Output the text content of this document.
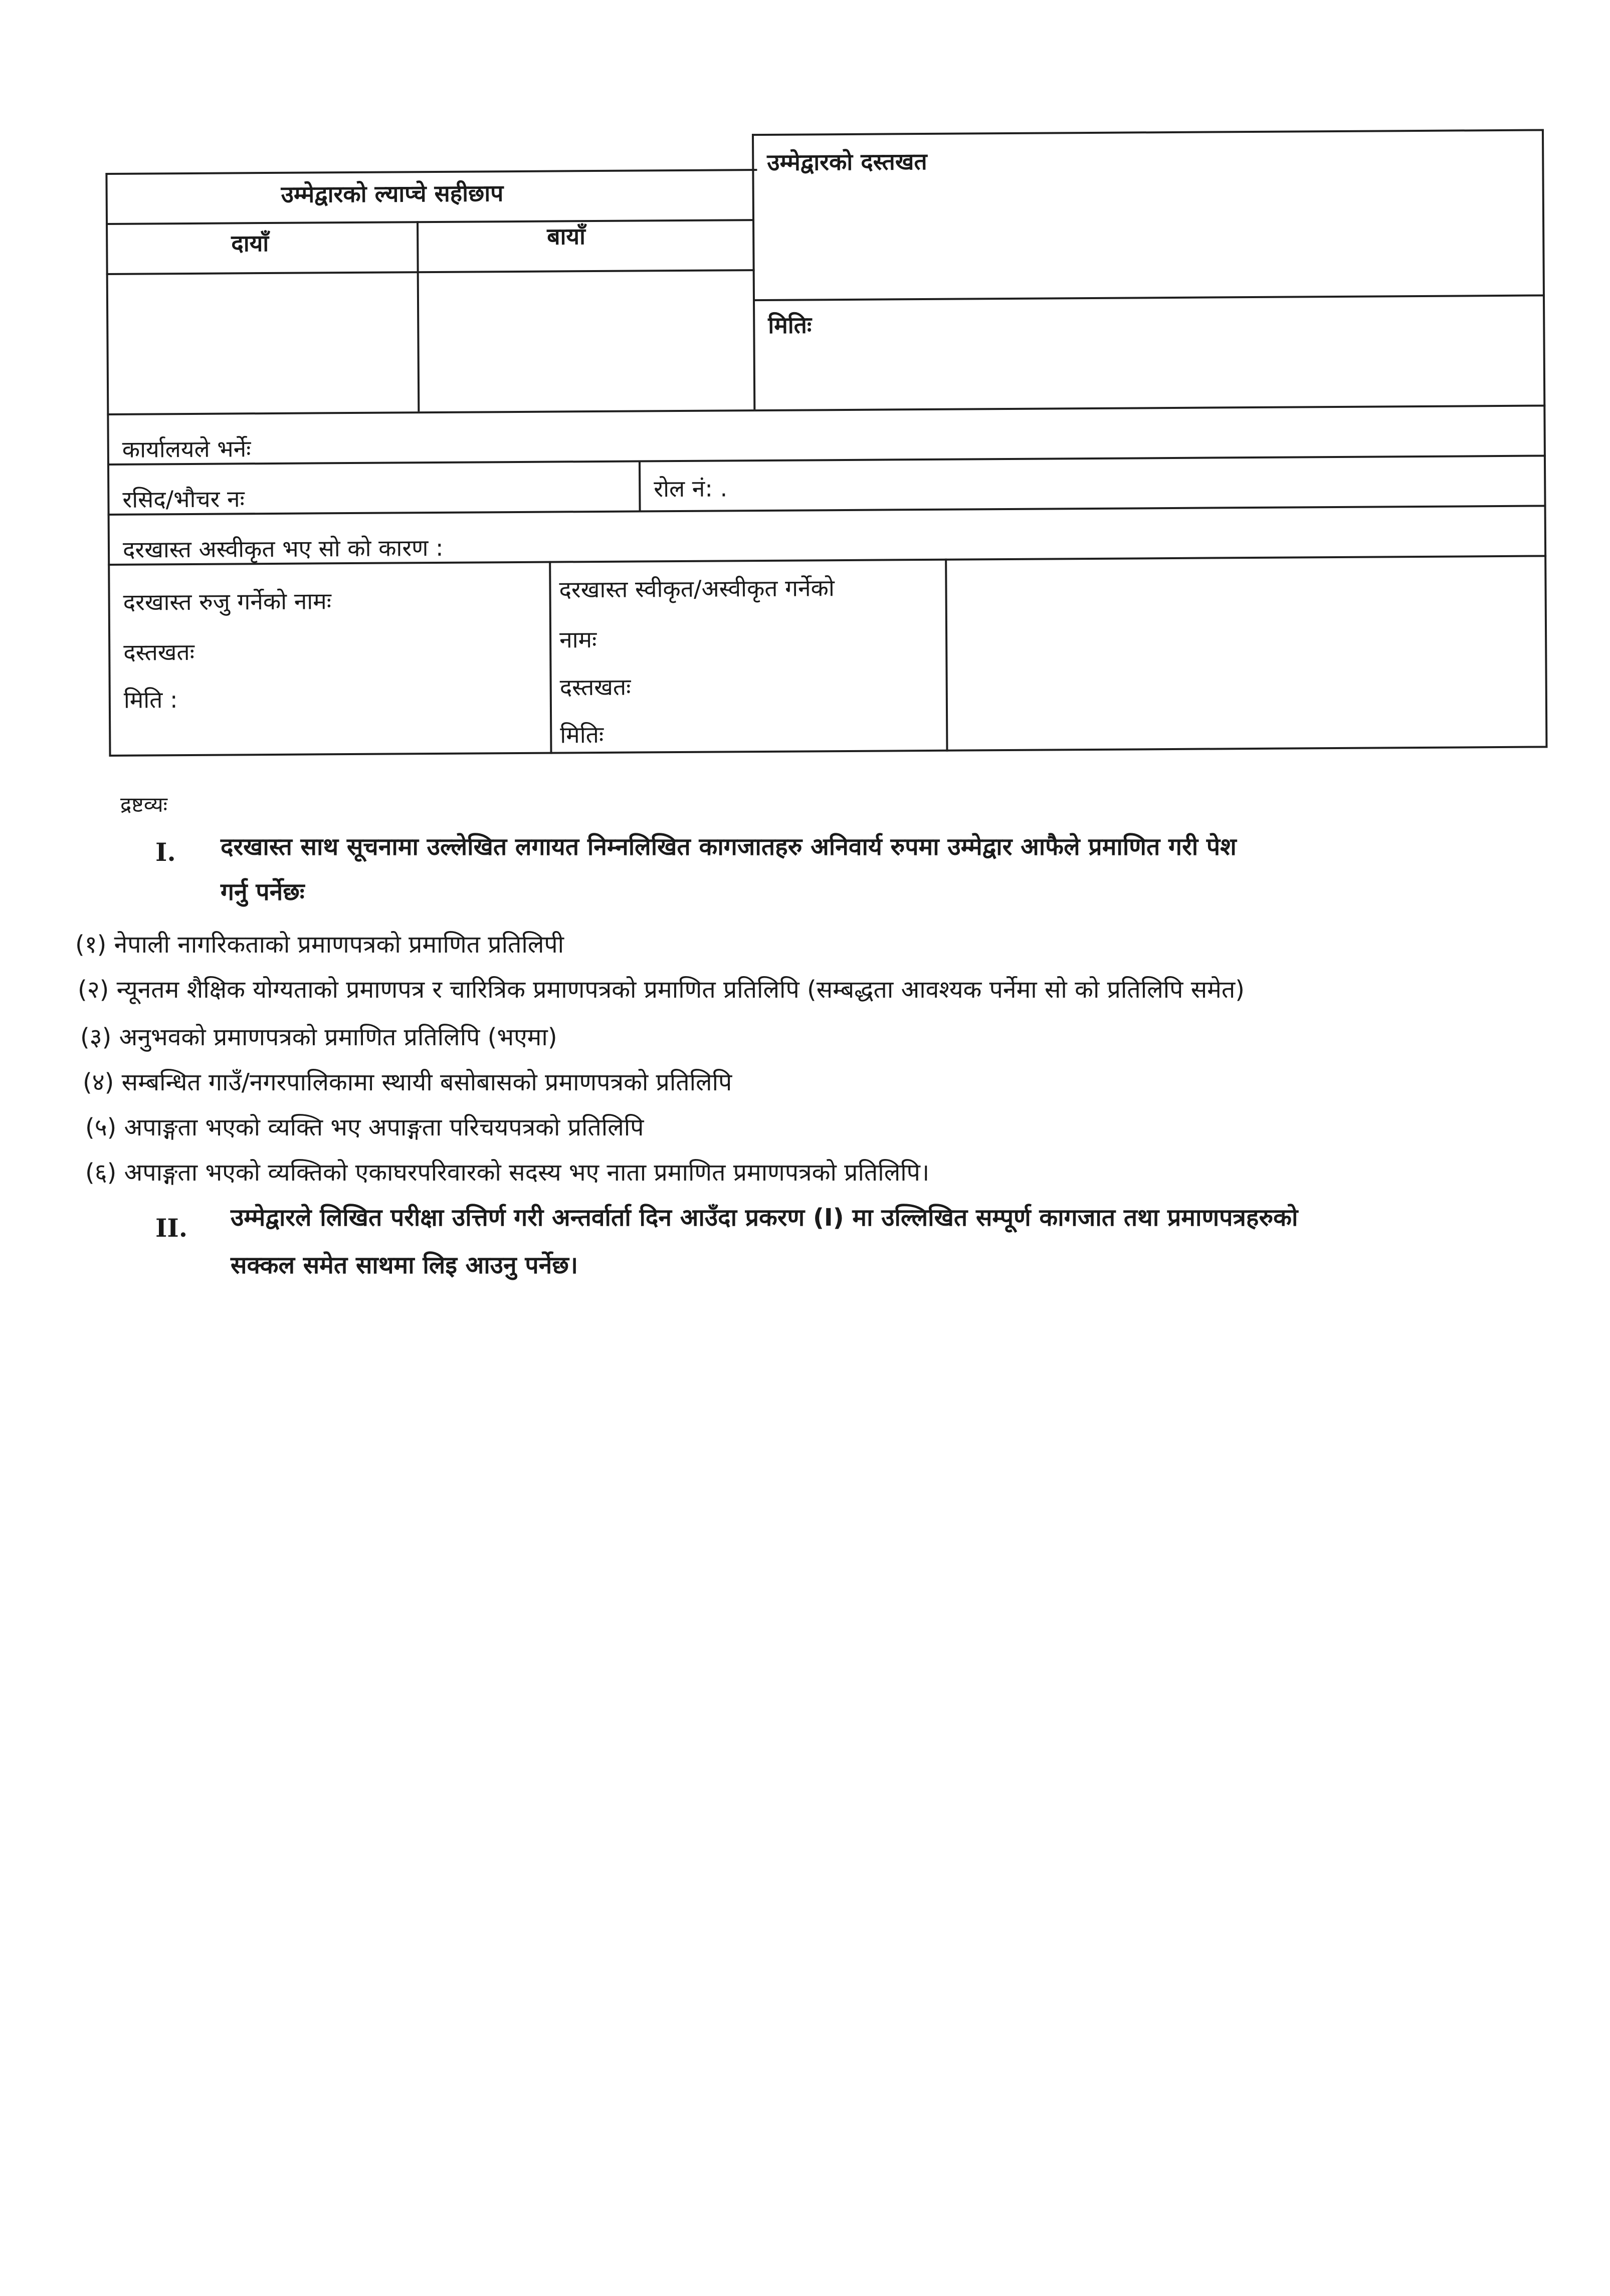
उम्मेद्वारको ल्याप्चे सहीछाप
उम्मेद्वारको दस्तखत
दायाँ	बायाँ
मितिः
कार्यालयले भर्नेः
रसिद/भौचर नः	रोल नं: .
दरखास्त अस्वीकृत भए सो को कारण :
दरखास्त रुजु गर्नेको नामः
दस्तखतः
मिति :
दरखास्त स्वीकृत/अस्वीकृत गर्नेको
नामः
दस्तखतः
मितिः
द्रष्टव्यः
I. दरखास्त साथ सूचनामा उल्लेखित लगायत निम्नलिखित कागजातहरु अनिवार्य रुपमा उम्मेद्वार आफैले प्रमाणित गरी पेश
गर्नु पर्नेछः
(१) नेपाली नागरिकताको प्रमाणपत्रको प्रमाणित प्रतिलिपी
(२) न्यूनतम शैक्षिक योग्यताको प्रमाणपत्र र चारित्रिक प्रमाणपत्रको प्रमाणित प्रतिलिपि (सम्बद्धता आवश्यक पर्नेमा सो को प्रतिलिपि समेत)
(३) अनुभवको प्रमाणपत्रको प्रमाणित प्रतिलिपि (भएमा)
(४) सम्बन्धित गाउँ/नगरपालिकामा स्थायी बसोबासको प्रमाणपत्रको प्रतिलिपि
(५) अपाङ्गता भएको व्यक्ति भए अपाङ्गता परिचयपत्रको प्रतिलिपि
(६) अपाङ्गता भएको व्यक्तिको एकाघरपरिवारको सदस्य भए नाता प्रमाणित प्रमाणपत्रको प्रतिलिपि।
II. उम्मेद्वारले लिखित परीक्षा उत्तिर्ण गरी अन्तर्वार्ता दिन आउँदा प्रकरण (I) मा उल्लिखित सम्पूर्ण कागजात तथा प्रमाणपत्रहरुको
सक्कल समेत साथमा लिइ आउनु पर्नेछ।
